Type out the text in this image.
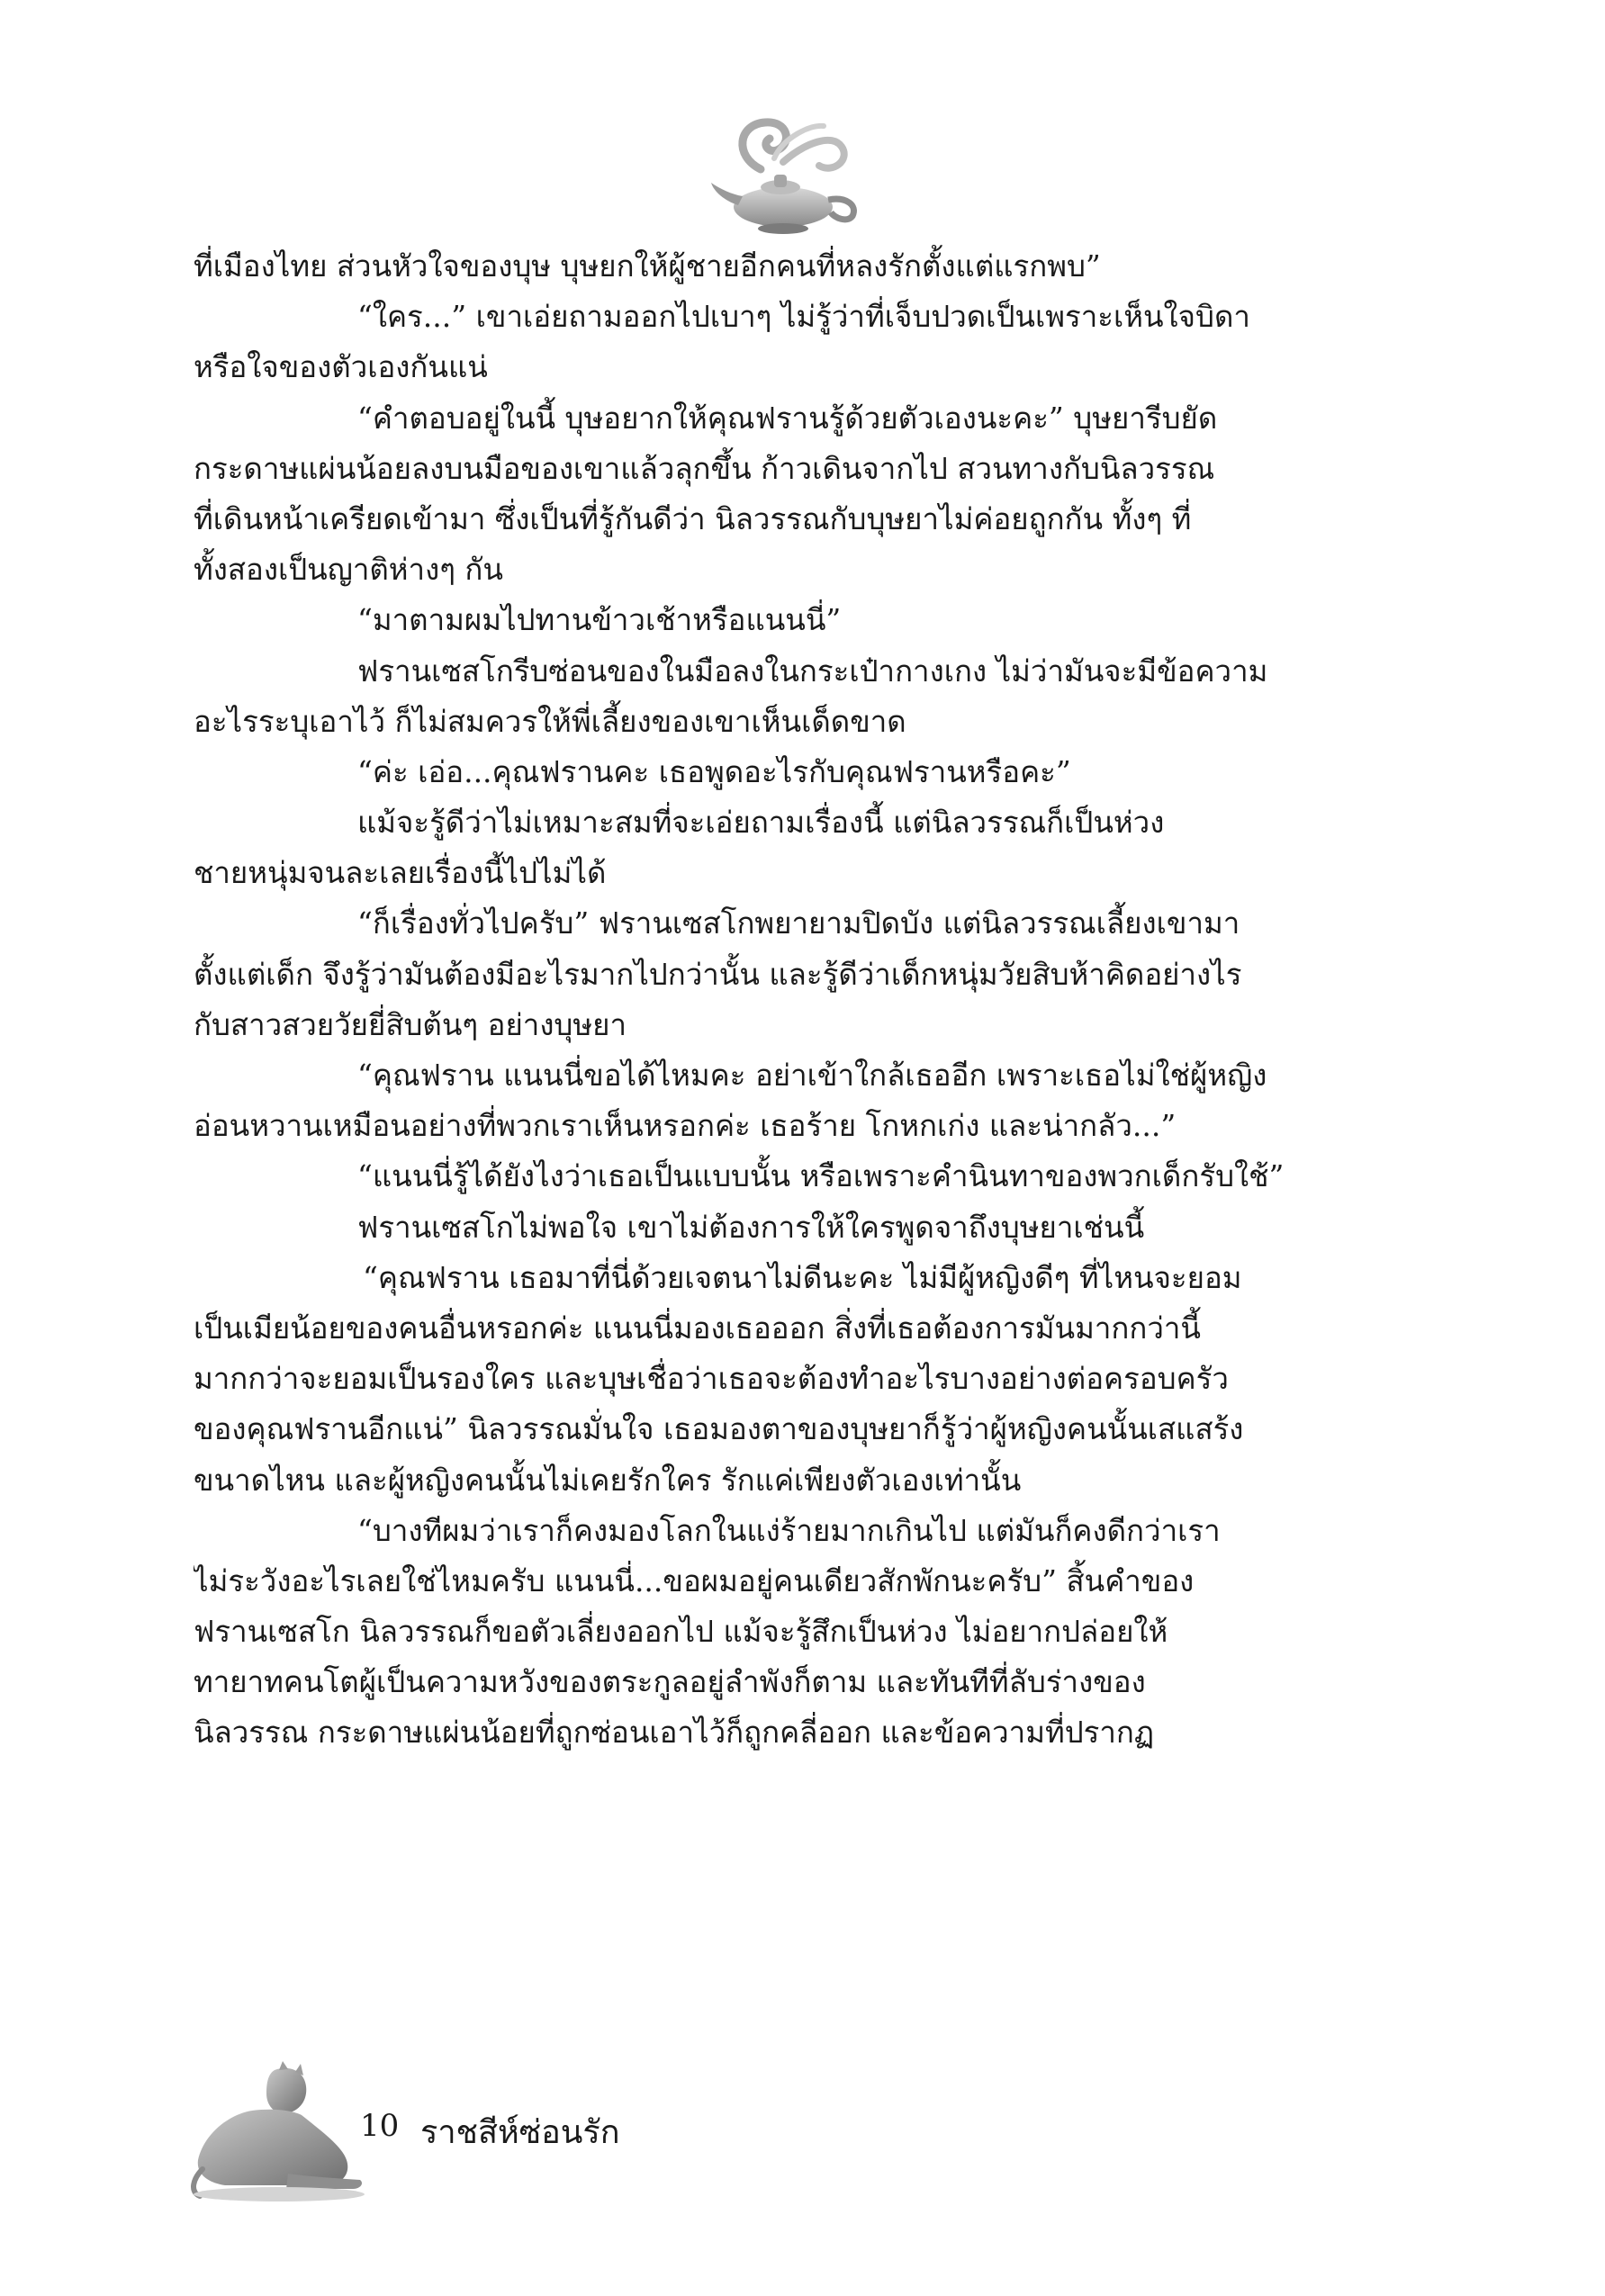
ที่เมืองไทย ส่วนหัวใจของบุษ บุษยกให้ผู้ชายอีกคนที่หลงรักตั้งแต่แรกพบ”
“ใคร...” เขาเอ่ยถามออกไปเบาๆ ไม่รู้ว่าที่เจ็บปวดเป็นเพราะเห็นใจบิดา
หรือใจของตัวเองกันแน่
“คำตอบอยู่ในนี้ บุษอยากให้คุณฟรานรู้ด้วยตัวเองนะคะ” บุษยารีบยัด
กระดาษแผ่นน้อยลงบนมือของเขาแล้วลุกขึ้น ก้าวเดินจากไป สวนทางกับนิลวรรณ
ที่เดินหน้าเครียดเข้ามา ซึ่งเป็นที่รู้กันดีว่า นิลวรรณกับบุษยาไม่ค่อยถูกกัน ทั้งๆ ที่
ทั้งสองเป็นญาติห่างๆ กัน
“มาตามผมไปทานข้าวเช้าหรือแนนนี่”
ฟรานเซสโกรีบซ่อนของในมือลงในกระเป๋ากางเกง ไม่ว่ามันจะมีข้อความ
อะไรระบุเอาไว้ ก็ไม่สมควรให้พี่เลี้ยงของเขาเห็นเด็ดขาด
“ค่ะ เอ่อ...คุณฟรานคะ เธอพูดอะไรกับคุณฟรานหรือคะ”
แม้จะรู้ดีว่าไม่เหมาะสมที่จะเอ่ยถามเรื่องนี้ แต่นิลวรรณก็เป็นห่วง
ชายหนุ่มจนละเลยเรื่องนี้ไปไม่ได้
“ก็เรื่องทั่วไปครับ” ฟรานเซสโกพยายามปิดบัง แต่นิลวรรณเลี้ยงเขามา
ตั้งแต่เด็ก จึงรู้ว่ามันต้องมีอะไรมากไปกว่านั้น และรู้ดีว่าเด็กหนุ่มวัยสิบห้าคิดอย่างไร
กับสาวสวยวัยยี่สิบต้นๆ อย่างบุษยา
“คุณฟราน แนนนี่ขอได้ไหมคะ อย่าเข้าใกล้เธออีก เพราะเธอไม่ใช่ผู้หญิง
อ่อนหวานเหมือนอย่างที่พวกเราเห็นหรอกค่ะ เธอร้าย โกหกเก่ง และน่ากลัว...”
“แนนนี่รู้ได้ยังไงว่าเธอเป็นแบบนั้น หรือเพราะคำนินทาของพวกเด็กรับใช้”
ฟรานเซสโกไม่พอใจ เขาไม่ต้องการให้ใครพูดจาถึงบุษยาเช่นนี้
“คุณฟราน เธอมาที่นี่ด้วยเจตนาไม่ดีนะคะ ไม่มีผู้หญิงดีๆ ที่ไหนจะยอม
เป็นเมียน้อยของคนอื่นหรอกค่ะ แนนนี่มองเธอออก สิ่งที่เธอต้องการมันมากกว่านี้
มากกว่าจะยอมเป็นรองใคร และบุษเชื่อว่าเธอจะต้องทำอะไรบางอย่างต่อครอบครัว
ของคุณฟรานอีกแน่” นิลวรรณมั่นใจ เธอมองตาของบุษยาก็รู้ว่าผู้หญิงคนนั้นเสแสร้ง
ขนาดไหน และผู้หญิงคนนั้นไม่เคยรักใคร รักแค่เพียงตัวเองเท่านั้น
“บางทีผมว่าเราก็คงมองโลกในแง่ร้ายมากเกินไป แต่มันก็คงดีกว่าเรา
ไม่ระวังอะไรเลยใช่ไหมครับ แนนนี่...ขอผมอยู่คนเดียวสักพักนะครับ” สิ้นคำของ
ฟรานเซสโก นิลวรรณก็ขอตัวเลี่ยงออกไป แม้จะรู้สึกเป็นห่วง ไม่อยากปล่อยให้
ทายาทคนโตผู้เป็นความหวังของตระกูลอยู่ลำพังก็ตาม และทันทีที่ลับร่างของ
นิลวรรณ กระดาษแผ่นน้อยที่ถูกซ่อนเอาไว้ก็ถูกคลี่ออก และข้อความที่ปรากฏ
10 ราชสีห์ซ่อนรัก
